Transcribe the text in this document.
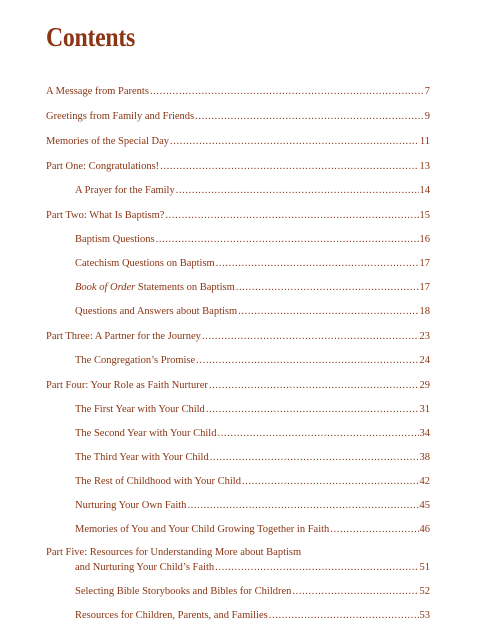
Contents
A Message from Parents .....	7
Greetings from Family and Friends .....	9
Memories of the Special Day .....	11
Part One: Congratulations! .....	13
A Prayer for the Family .....	14
Part Two: What Is Baptism? .....	15
Baptism Questions .....	16
Catechism Questions on Baptism .....	17
Book of Order Statements on Baptism .....	17
Questions and Answers about Baptism .....	18
Part Three: A Partner for the Journey .....	23
The Congregation’s Promise .....	24
Part Four: Your Role as Faith Nurturer .....	29
The First Year with Your Child .....	31
The Second Year with Your Child .....	34
The Third Year with Your Child .....	38
The Rest of Childhood with Your Child .....	42
Nurturing Your Own Faith .....	45
Memories of You and Your Child Growing Together in Faith .....	46
Part Five: Resources for Understanding More about Baptism
and Nurturing Your Child’s Faith .....	51
Selecting Bible Storybooks and Bibles for Children .....	52
Resources for Children, Parents, and Families .....	53
